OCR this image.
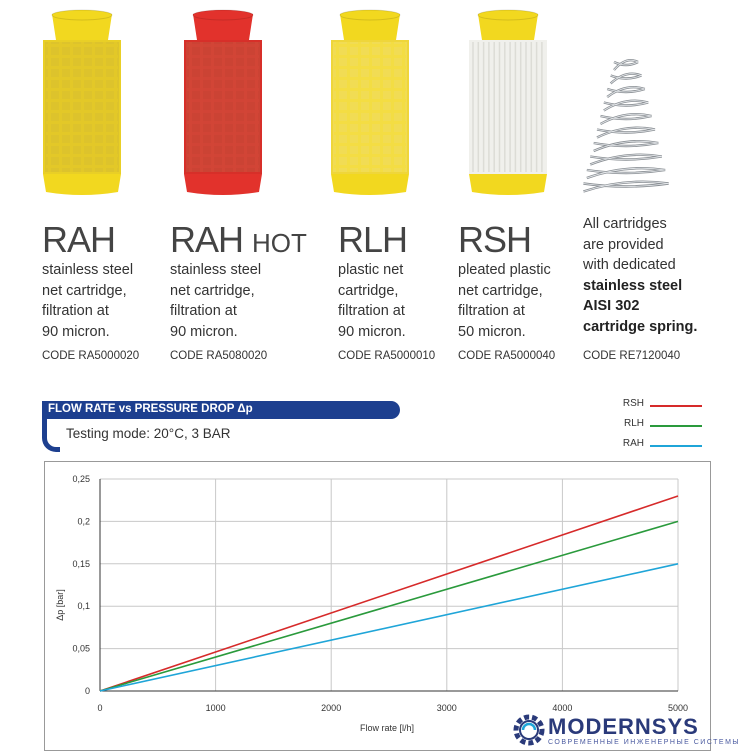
RAH RAH HOT RLH RSH
stainless steel
net cartridge,
filtration at
90 micron.
stainless steel
net cartridge,
filtration at
90 micron.
plastic net
cartridge,
filtration at
90 micron.
pleated plastic
net cartridge,
filtration at
50 micron.
All cartridges
are provided
with dedicated
stainless steel
AISI 302
cartridge spring.
CODE RA5000020	CODE RA5080020	CODE RA5000010 CODE RA5000040 CODE RE7120040
FLOW RATE vs PRESSURE DROP Δp
Testing mode: 20°C, 3 BAR
RSH
RLH
RAH
0	1000	2000	3000	4000	5000
0
0,05
0,1
0,15
0,2
0,25
Flow rate [l/h]
Δp [bar]
MODERNSYS
СОВРЕМЕННЫЕ ИНЖЕНЕРНЫЕ СИСТЕМЫ
